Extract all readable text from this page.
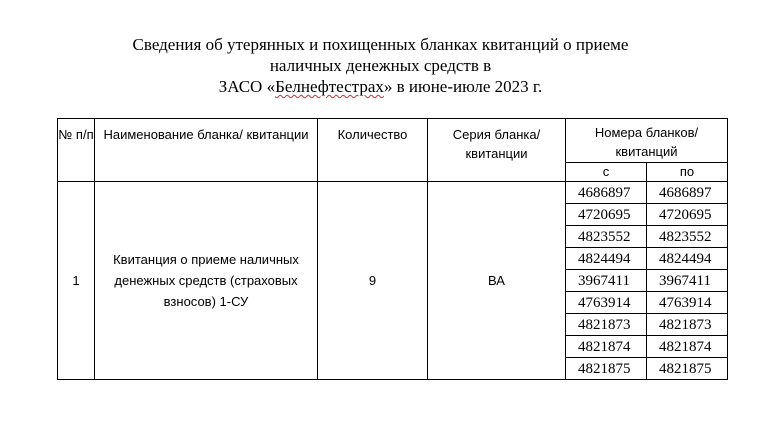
Сведения об утерянных и похищенных бланках квитанций о приеме
наличных денежных средств в
ЗАСО «Белнефтестрах» в июне-июле 2023 г.
№ п/п	Наименование бланка/ квитанции	Количество	Серия бланка/ квитанции	Номера бланков/квитанций	
				с	по
1	Квитанция о приеме наличных денежных средств (страховых взносов) 1-СУ	9	ВА	4686897	4686897
				4720695	4720695
				4823552	4823552
				4824494	4824494
				3967411	3967411
				4763914	4763914
				4821873	4821873
				4821874	4821874
				4821875	4821875
